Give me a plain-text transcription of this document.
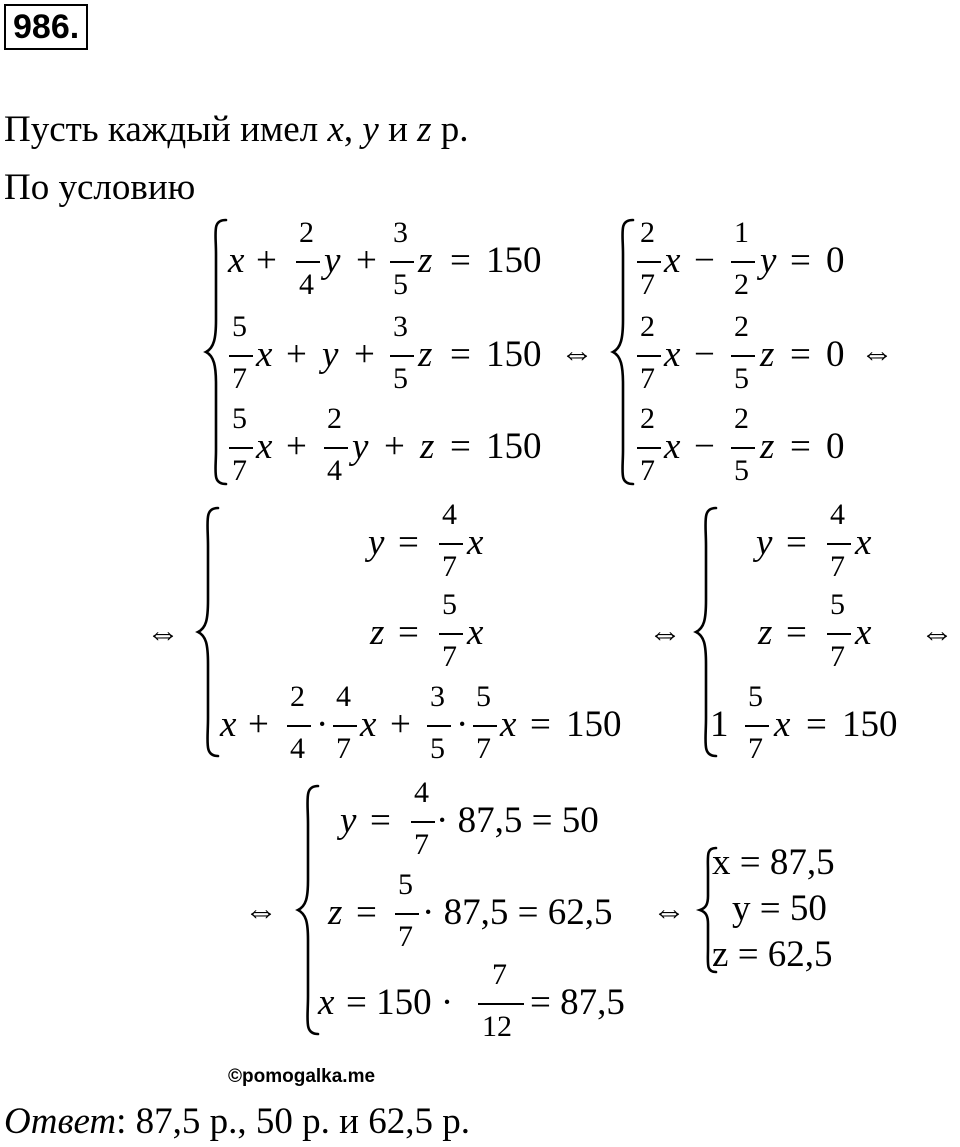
986.
Пусть каждый имел x, y и z р.
По условию
x +
2
4
y +
3
5
z = 150
5
7
x + y +
3
5
z = 150
5
7
x +
2
4
y + z = 150
⇔
2
7
x −
1
2
y = 0
2
7
x −
2
5
z = 0
2
7
x −
2
5
z = 0
⇔
⇔
y =
4
7
x
z =
5
7
x
x +
2
4
·
4
7
x +
3
5
·
5
7
x = 150
⇔
y =
4
7
x
z =
5
7
x
1
5
7
x = 150
⇔
⇔
y =
4
7
· 87,5 = 50
z =
5
7
· 87,5 = 62,5
x = 150 ·
7
12
= 87,5
⇔
x = 87,5
y = 50
z = 62,5
©pomogalka.me
Ответ: 87,5 р., 50 р. и 62,5 р.
